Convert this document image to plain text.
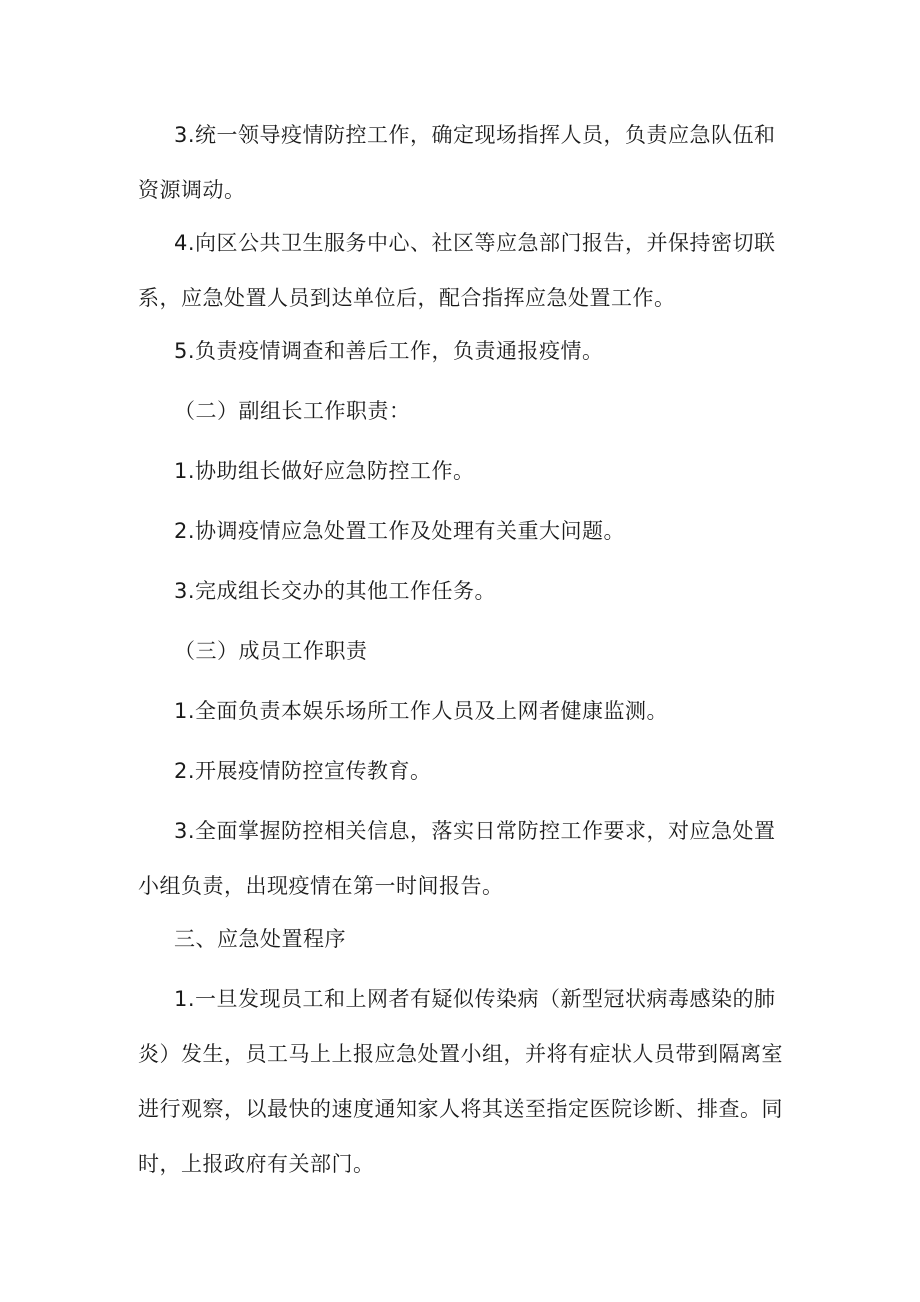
3.统一领导疫情防控工作，确定现场指挥人员，负责应急队伍和资源调动。

4.向区公共卫生服务中心、社区等应急部门报告，并保持密切联系，应急处置人员到达单位后，配合指挥应急处置工作。

5.负责疫情调查和善后工作，负责通报疫情。

（二）副组长工作职责：

1.协助组长做好应急防控工作。

2.协调疫情应急处置工作及处理有关重大问题。

3.完成组长交办的其他工作任务。

（三）成员工作职责

1.全面负责本娱乐场所工作人员及上网者健康监测。

2.开展疫情防控宣传教育。

3.全面掌握防控相关信息，落实日常防控工作要求，对应急处置小组负责，出现疫情在第一时间报告。

三、应急处置程序

1.一旦发现员工和上网者有疑似传染病（新型冠状病毒感染的肺炎）发生，员工马上上报应急处置小组，并将有症状人员带到隔离室进行观察，以最快的速度通知家人将其送至指定医院诊断、排查。同时，上报政府有关部门。
